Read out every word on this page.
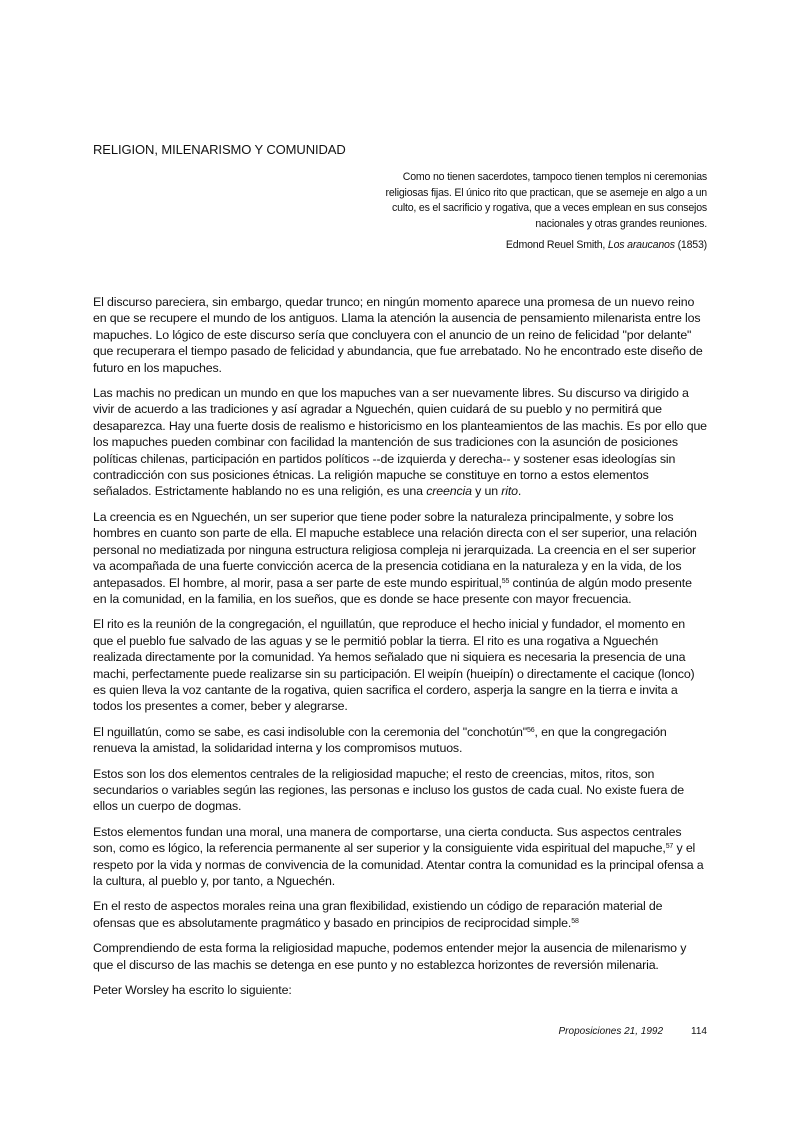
RELIGION, MILENARISMO Y COMUNIDAD

Como no tienen sacerdotes, tampoco tienen templos ni ceremonias religiosas fijas. El único rito que practican, que se asemeje en algo a un culto, es el sacrificio y rogativa, que a veces emplean en sus consejos nacionales y otras grandes reuniones.

Edmond Reuel Smith, Los araucanos (1853)

El discurso pareciera, sin embargo, quedar trunco; en ningún momento aparece una promesa de un nuevo reino en que se recupere el mundo de los antiguos. Llama la atención la ausencia de pensamiento milenarista entre los mapuches. Lo lógico de este discurso sería que concluyera con el anuncio de un reino de felicidad "por delante" que recuperara el tiempo pasado de felicidad y abundancia, que fue arrebatado. No he encontrado este diseño de futuro en los mapuches.

Las machis no predican un mundo en que los mapuches van a ser nuevamente libres. Su discurso va dirigido a vivir de acuerdo a las tradiciones y así agradar a Nguechén, quien cuidará de su pueblo y no permitirá que desaparezca. Hay una fuerte dosis de realismo e historicismo en los planteamientos de las machis. Es por ello que los mapuches pueden combinar con facilidad la mantención de sus tradiciones con la asunción de posiciones políticas chilenas, participación en partidos políticos --de izquierda y derecha-- y sostener esas ideologías sin contradicción con sus posiciones étnicas. La religión mapuche se constituye en torno a estos elementos señalados. Estrictamente hablando no es una religión, es una creencia y un rito.

La creencia es en Nguechén, un ser superior que tiene poder sobre la naturaleza principalmente, y sobre los hombres en cuanto son parte de ella. El mapuche establece una relación directa con el ser superior, una relación personal no mediatizada por ninguna estructura religiosa compleja ni jerarquizada. La creencia en el ser superior va acompañada de una fuerte convicción acerca de la presencia cotidiana en la naturaleza y en la vida, de los antepasados. El hombre, al morir, pasa a ser parte de este mundo espiritual,$^{55}$ continúa de algún modo presente en la comunidad, en la familia, en los sueños, que es donde se hace presente con mayor frecuencia.

El rito es la reunión de la congregación, el nguillatún, que reproduce el hecho inicial y fundador, el momento en que el pueblo fue salvado de las aguas y se le permitió poblar la tierra. El rito es una rogativa a Nguechén realizada directamente por la comunidad. Ya hemos señalado que ni siquiera es necesaria la presencia de una machi, perfectamente puede realizarse sin su participación. El weipín (hueipín) o directamente el cacique (lonco) es quien lleva la voz cantante de la rogativa, quien sacrifica el cordero, asperja la sangre en la tierra e invita a todos los presentes a comer, beber y alegrarse.

El nguillatún, como se sabe, es casi indisoluble con la ceremonia del "conchotún"$^{56}$, en que la congregación renueva la amistad, la solidaridad interna y los compromisos mutuos.

Estos son los dos elementos centrales de la religiosidad mapuche; el resto de creencias, mitos, ritos, son secundarios o variables según las regiones, las personas e incluso los gustos de cada cual. No existe fuera de ellos un cuerpo de dogmas.

Estos elementos fundan una moral, una manera de comportarse, una cierta conducta. Sus aspectos centrales son, como es lógico, la referencia permanente al ser superior y la consiguiente vida espiritual del mapuche,$^{57}$ y el respeto por la vida y normas de convivencia de la comunidad. Atentar contra la comunidad es la principal ofensa a la cultura, al pueblo y, por tanto, a Nguechén.

En el resto de aspectos morales reina una gran flexibilidad, existiendo un código de reparación material de ofensas que es absolutamente pragmático y basado en principios de reciprocidad simple.$^{58}$

Comprendiendo de esta forma la religiosidad mapuche, podemos entender mejor la ausencia de milenarismo y que el discurso de las machis se detenga en ese punto y no establezca horizontes de reversión milenaria.

Peter Worsley ha escrito lo siguiente:

Proposiciones 21, 1992	114
